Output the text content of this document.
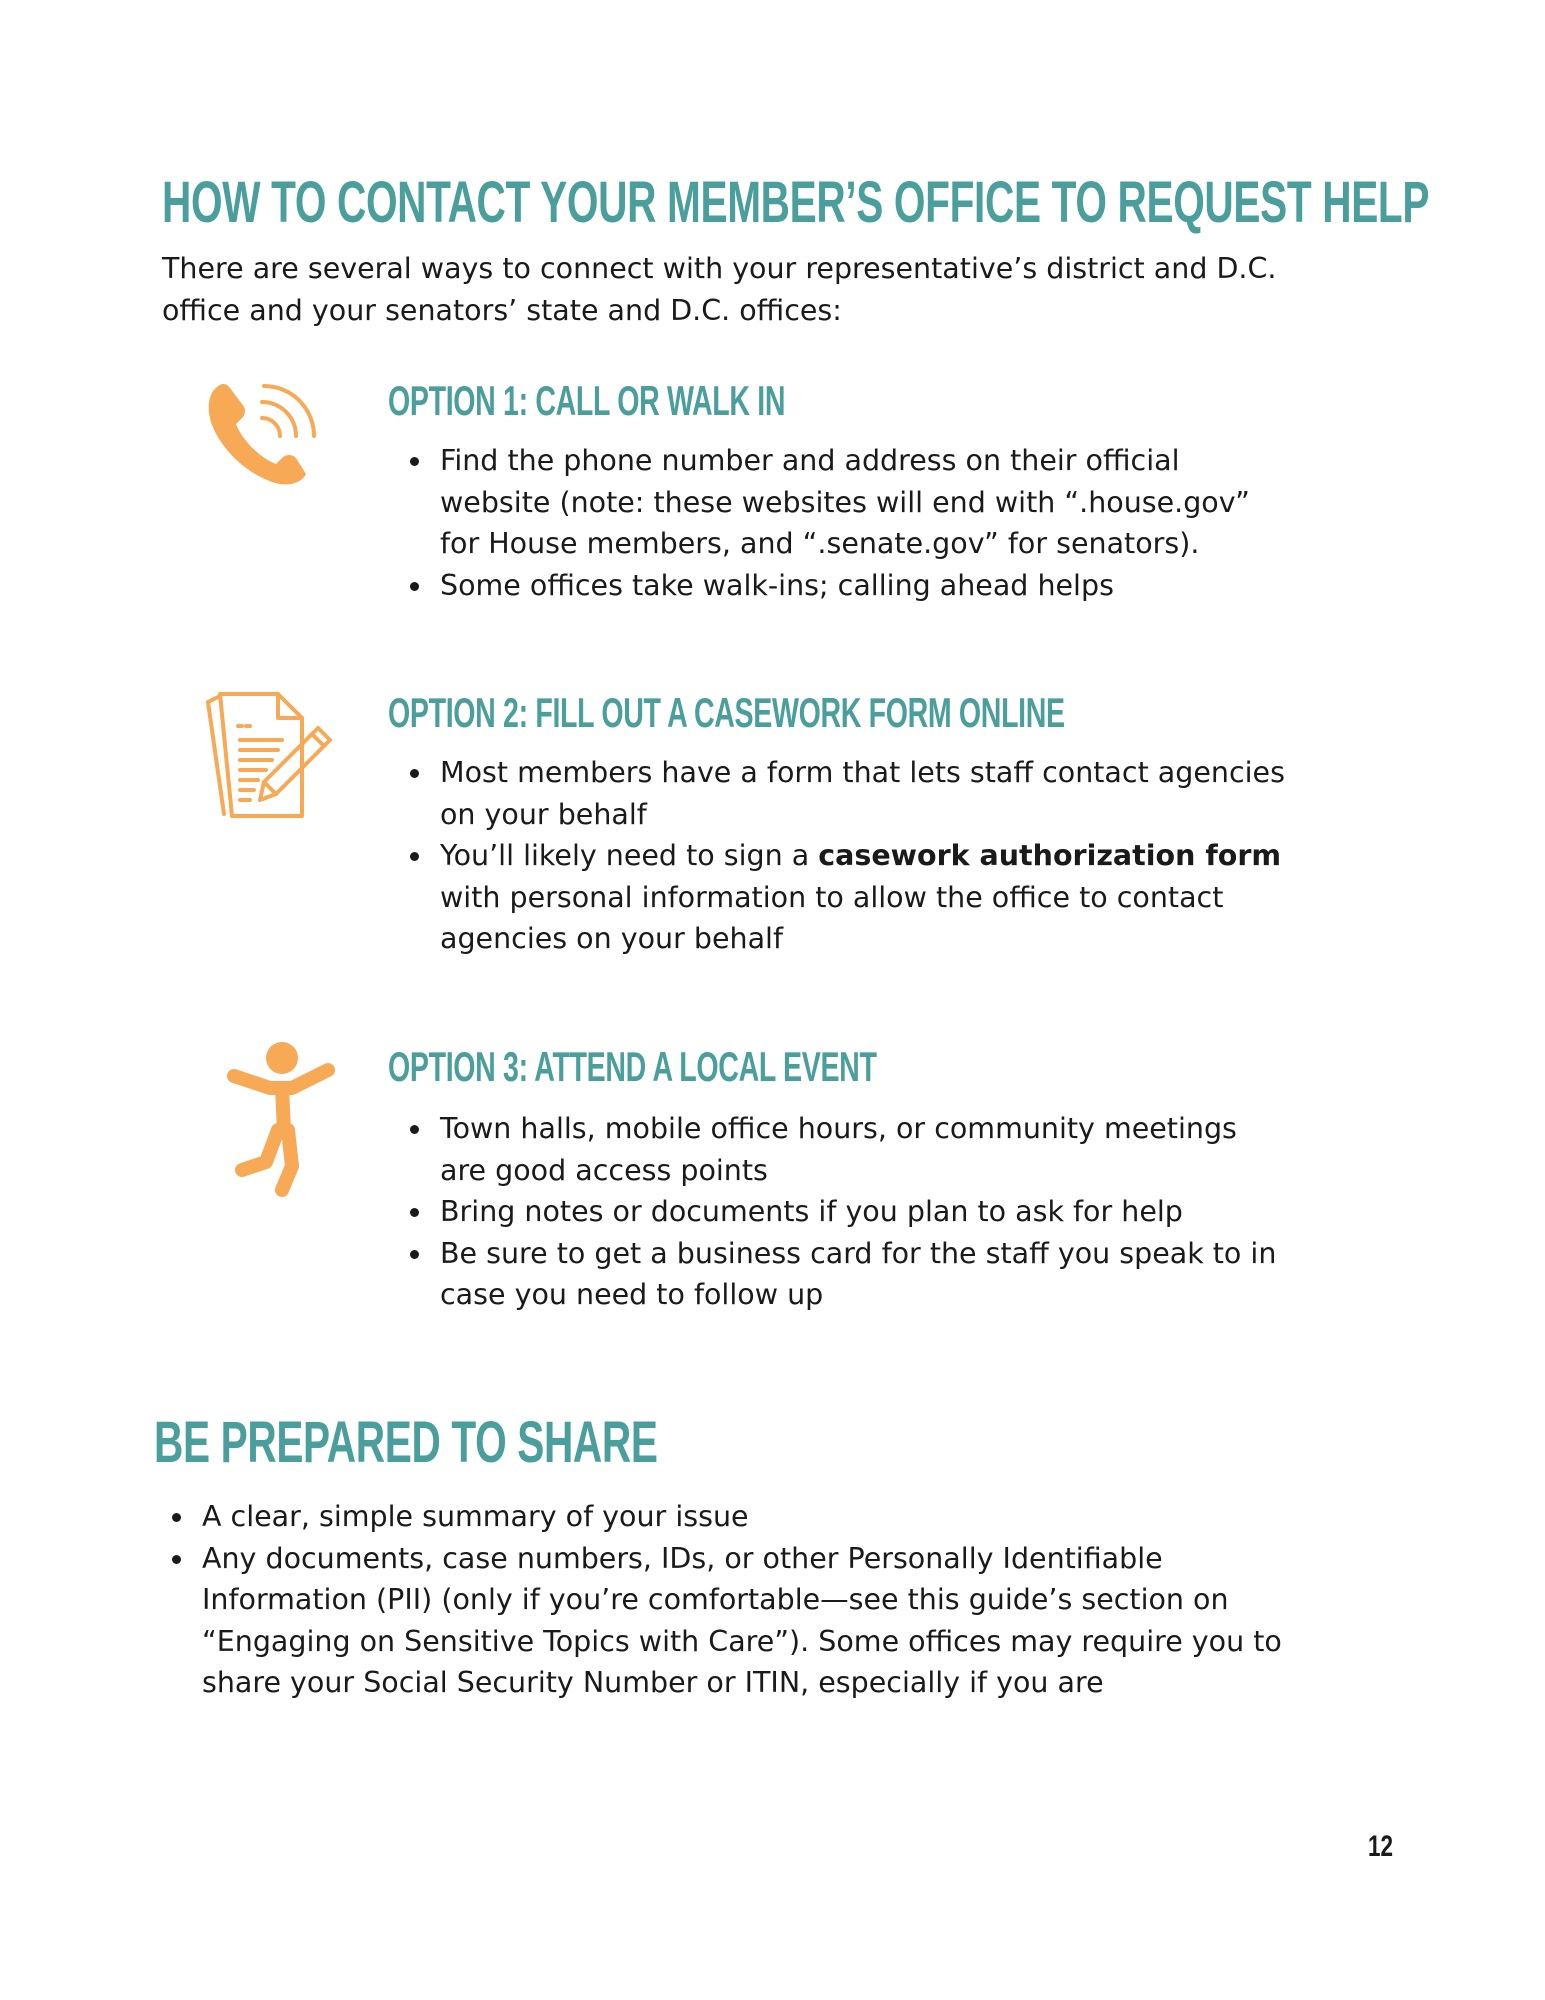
HOW TO CONTACT YOUR MEMBER’S OFFICE TO REQUEST HELP

There are several ways to connect with your representative’s district and D.C.
office and your senators’ state and D.C. offices:

OPTION 1: CALL OR WALK IN
Find the phone number and address on their official
website (note: these websites will end with “.house.gov”
for House members, and “.senate.gov” for senators).
Some offices take walk-ins; calling ahead helps
OPTION 2: FILL OUT A CASEWORK FORM ONLINE
Most members have a form that lets staff contact agencies
on your behalf
You’ll likely need to sign a casework authorization form
with personal information to allow the office to contact
agencies on your behalf
OPTION 3: ATTEND A LOCAL EVENT
Town halls, mobile office hours, or community meetings
are good access points
Bring notes or documents if you plan to ask for help
Be sure to get a business card for the staff you speak to in
case you need to follow up
BE PREPARED TO SHARE
A clear, simple summary of your issue
Any documents, case numbers, IDs, or other Personally Identifiable
Information (PII) (only if you’re comfortable—see this guide’s section on
“Engaging on Sensitive Topics with Care”). Some offices may require you to
share your Social Security Number or ITIN, especially if you are
12
